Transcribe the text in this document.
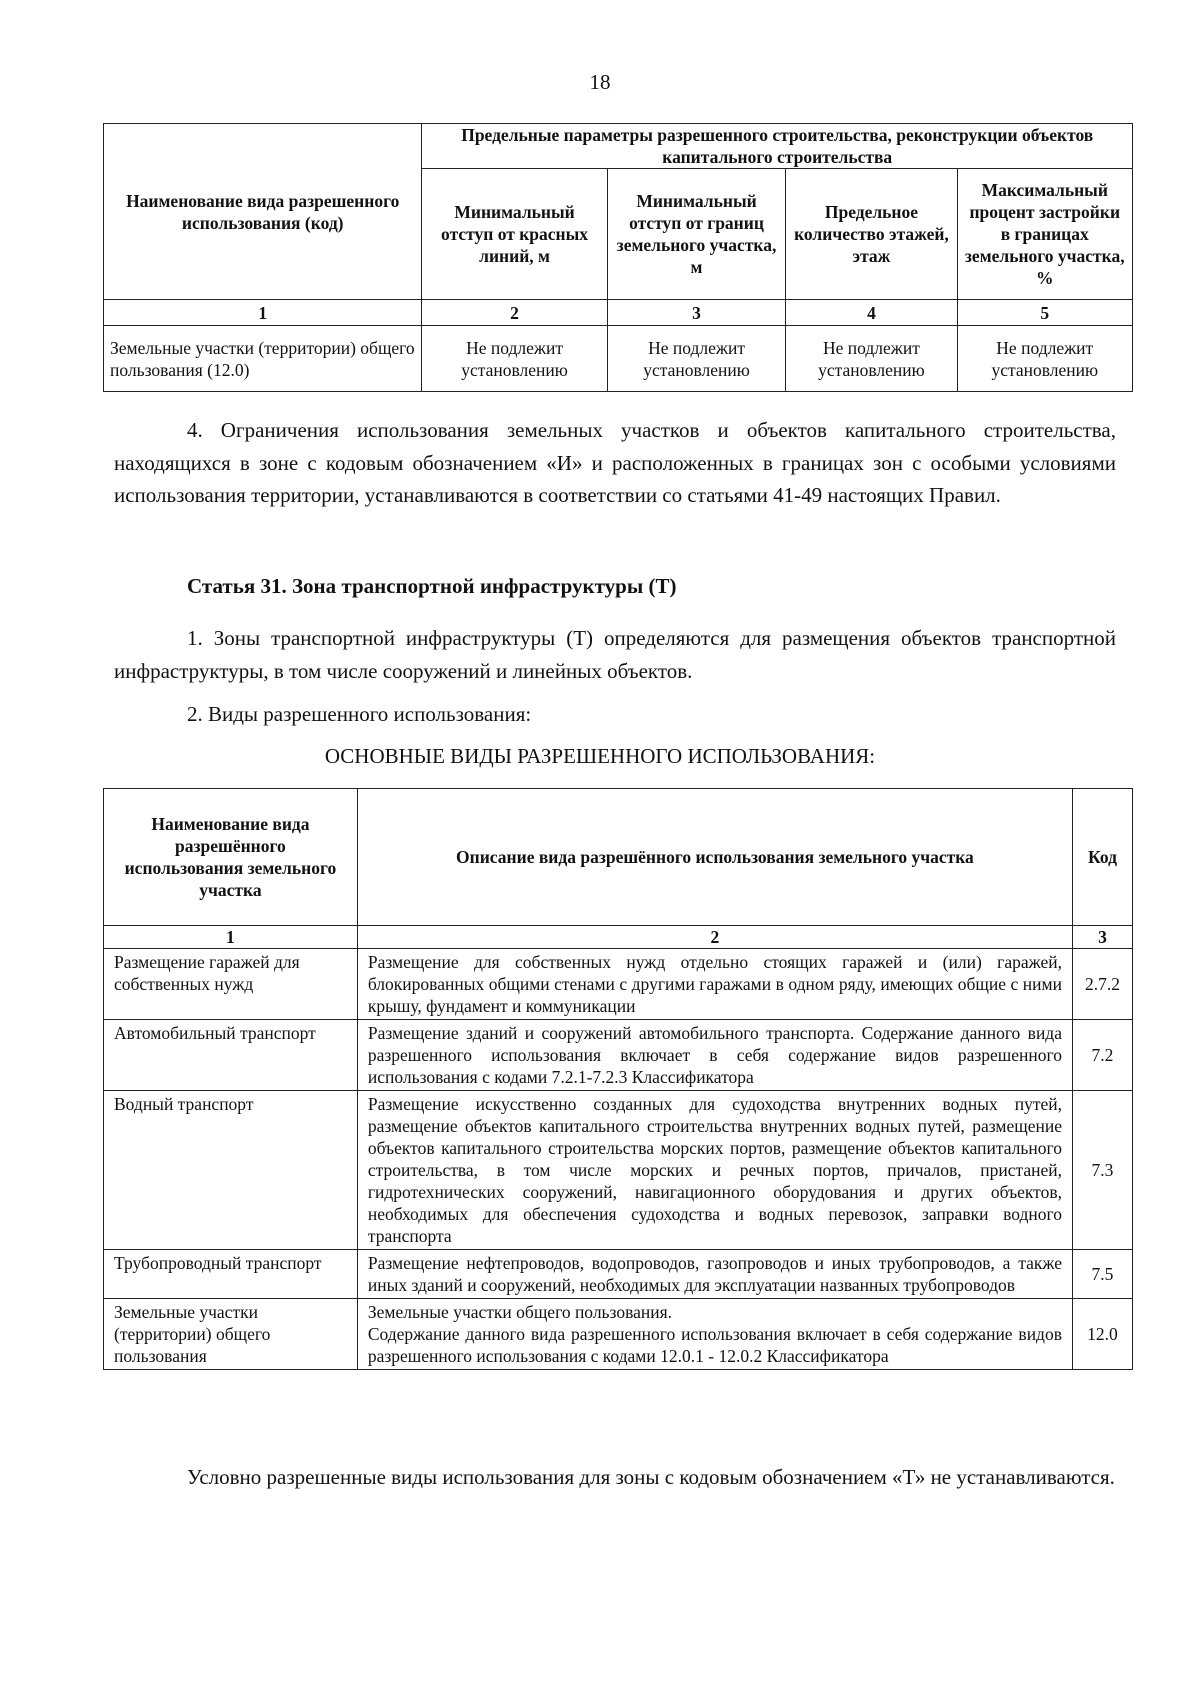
18
Наименование вида разрешенного использования (код)	Предельные параметры разрешенного строительства, реконструкции объектов капитального строительства			
	Минимальный отступ от красных линий, м	Минимальный отступ от границ земельного участка, м	Предельное количество этажей, этаж	Максимальный процент застройки в границах земельного участка, %
1	2	3	4	5
Земельные участки (территории) общего пользования (12.0)	Не подлежит установлению	Не подлежит установлению	Не подлежит установлению	Не подлежит установлению

4. Ограничения использования земельных участков и объектов капитального строительства, находящихся в зоне с кодовым обозначением «И» и расположенных в границах зон с особыми условиями использования территории, устанавливаются в соответствии со статьями 41-49 настоящих Правил.

Статья 31. Зона транспортной инфраструктуры (Т)

1. Зоны транспортной инфраструктуры (Т) определяются для размещения объектов транспортной инфраструктуры, в том числе сооружений и линейных объектов.

2. Виды разрешенного использования:

ОСНОВНЫЕ ВИДЫ РАЗРЕШЕННОГО ИСПОЛЬЗОВАНИЯ:

Наименование вида разрешённого использования земельного участка	Описание вида разрешённого использования земельного участка	Код
1	2	3
Размещение гаражей для собственных нужд	Размещение для собственных нужд отдельно стоящих гаражей и (или) гаражей, блокированных общими стенами с другими гаражами в одном ряду, имеющих общие с ними крышу, фундамент и коммуникации	2.7.2
Автомобильный транспорт	Размещение зданий и сооружений автомобильного транспорта. Содержание данного вида разрешенного использования включает в себя содержание видов разрешенного использования с кодами 7.2.1-7.2.3 Классификатора	7.2
Водный транспорт	Размещение искусственно созданных для судоходства внутренних водных путей, размещение объектов капитального строительства внутренних водных путей, размещение объектов капитального строительства морских портов, размещение объектов капитального строительства, в том числе морских и речных портов, причалов, пристаней, гидротехнических сооружений, навигационного оборудования и других объектов, необходимых для обеспечения судоходства и водных перевозок, заправки водного транспорта	7.3
Трубопроводный транспорт	Размещение нефтепроводов, водопроводов, газопроводов и иных трубопроводов, а также иных зданий и сооружений, необходимых для эксплуатации названных трубопроводов	7.5
Земельные участки (территории) общего пользования	Земельные участки общего пользования.
Содержание данного вида разрешенного использования включает в себя содержание видов разрешенного использования с кодами 12.0.1 - 12.0.2 Классификатора	12.0

Условно разрешенные виды использования для зоны с кодовым обозначением «Т» не устанавливаются.
